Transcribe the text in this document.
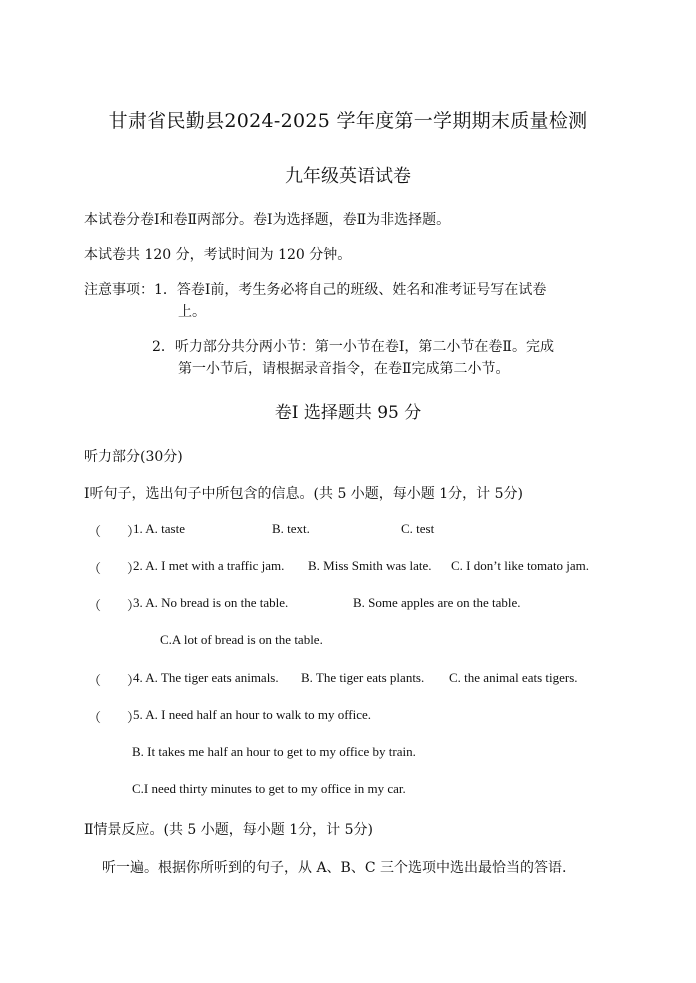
甘肃省民勤县2024-2025 学年度第一学期期末质量检测
九年级英语试卷
本试卷分卷Ⅰ和卷Ⅱ两部分。卷Ⅰ为选择题，卷Ⅱ为非选择题。
本试卷共 120 分，考试时间为 120 分钟。
注意事项：1．答卷Ⅰ前，考生务必将自己的班级、姓名和准考证号写在试卷
上。
2．听力部分共分两小节：第一小节在卷Ⅰ，第二小节在卷Ⅱ。完成
第一小节后，请根据录音指令，在卷Ⅱ完成第二小节。
卷Ⅰ 选择题共 95 分
听力部分(30分)
Ⅰ听句子，选出句子中所包含的信息。(共 5 小题，每小题 1分，计 5分)
（　　）
1. A. taste	B. text.	C. test
（　　）
2. A. I met with a traffic jam. B. Miss Smith was late. C. I don’t like tomato jam.
（　　）
3. A. No bread is on the table.	B. Some apples are on the table.
C.A lot of bread is on the table.
（　　）
4. A. The tiger eats animals. B. The tiger eats plants. C. the animal eats tigers.
（　　）
5. A. I need half an hour to walk to my office.
B. It takes me half an hour to get to my office by train.
C.I need thirty minutes to get to my office in my car.
Ⅱ情景反应。(共 5 小题，每小题 1分，计 5分)
听一遍。根据你所听到的句子，从 A、B、C 三个选项中选出最恰当的答语.
